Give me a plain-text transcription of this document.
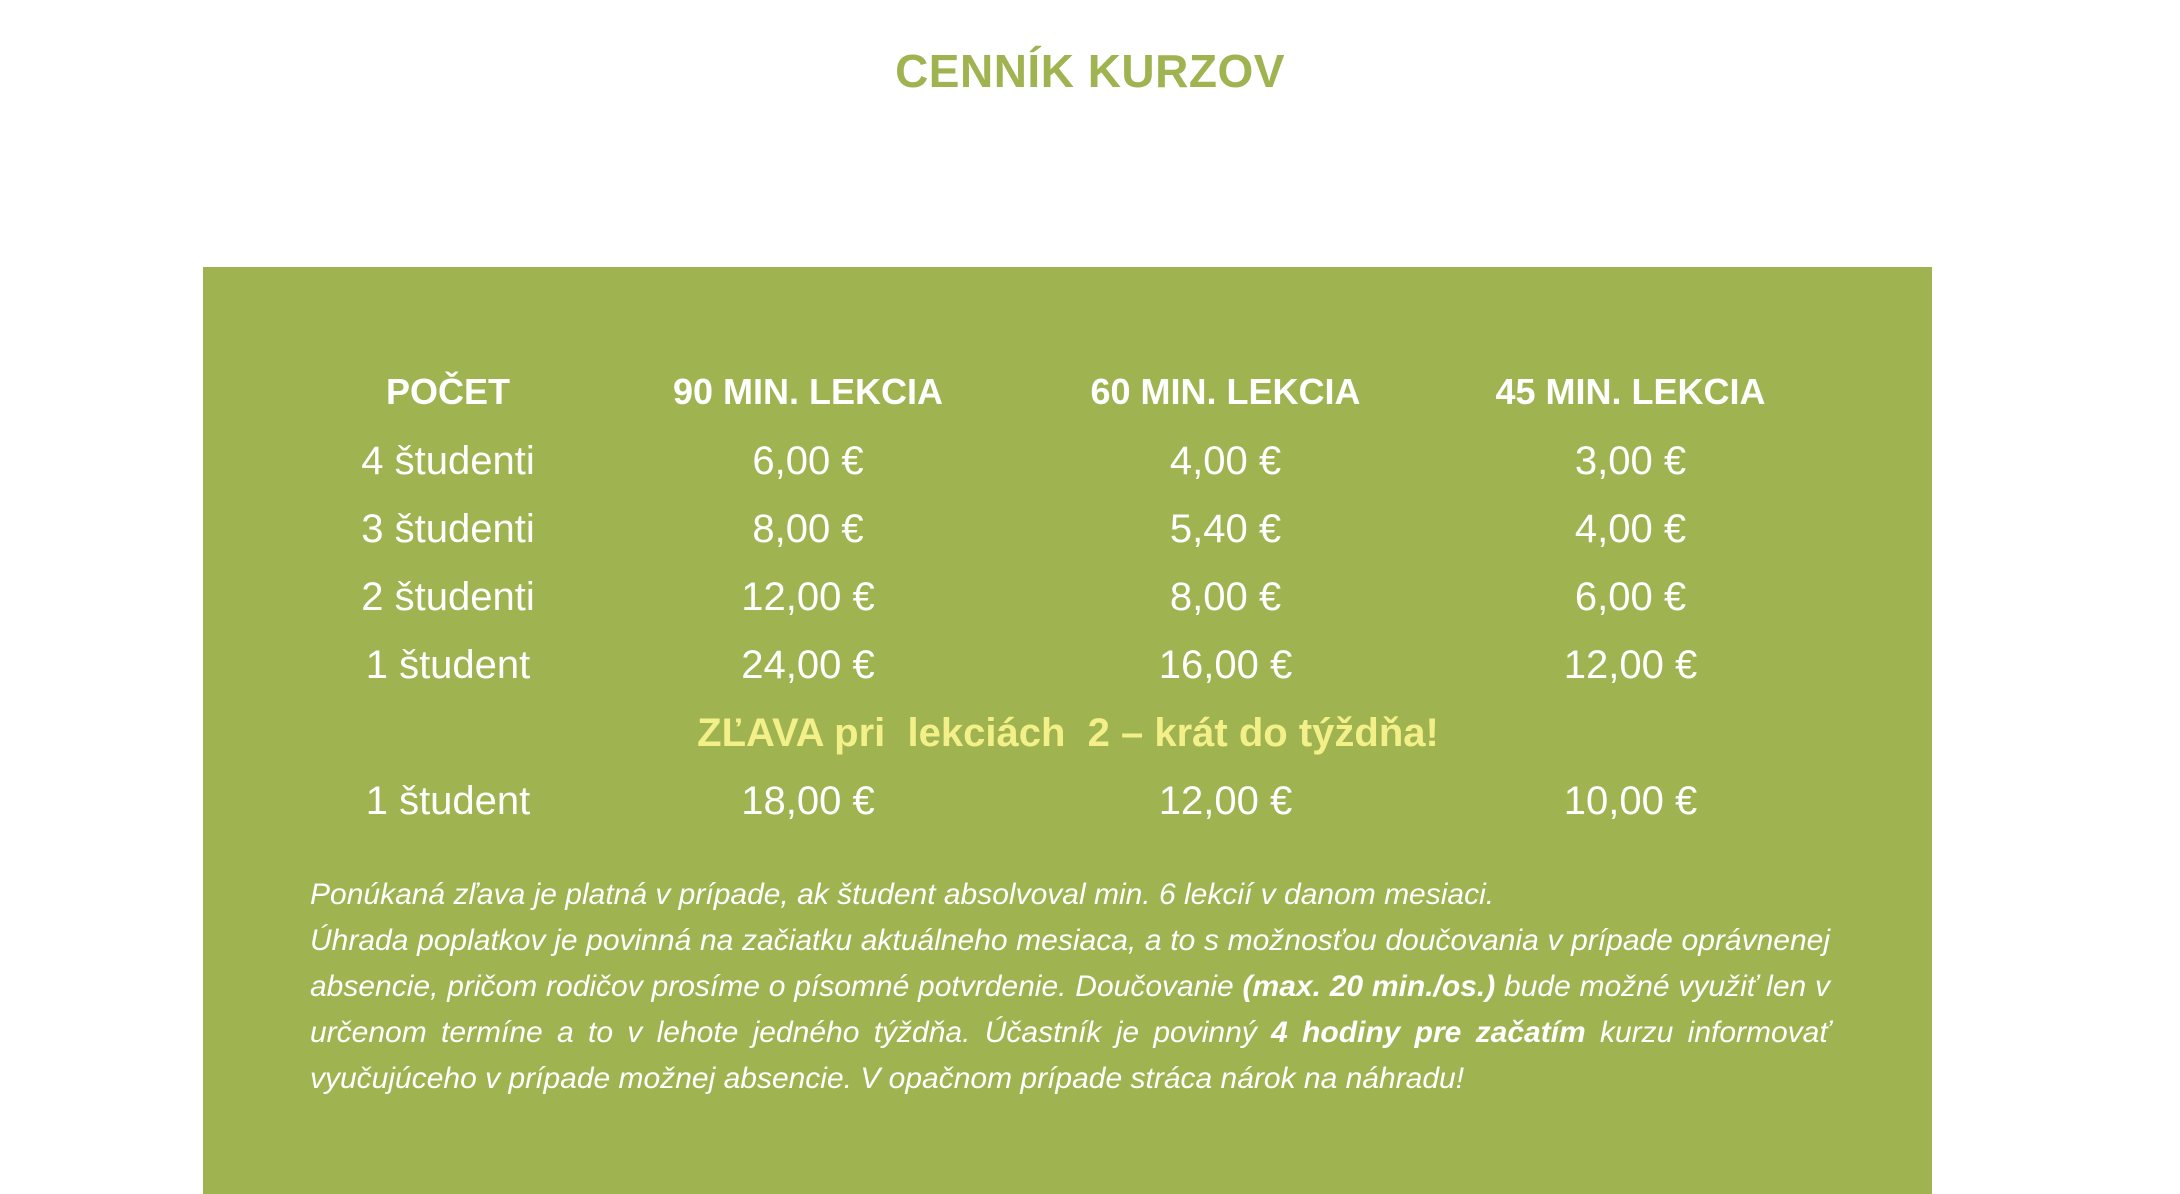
CENNÍK KURZOV
POČET	90 MIN. LEKCIA	60 MIN. LEKCIA	45 MIN. LEKCIA
4 študenti	6,00 €	4,00 €	3,00 €
3 študenti	8,00 €	5,40 €	4,00 €
2 študenti	12,00 €	8,00 €	6,00 €
1 študent	24,00 €	16,00 €	12,00 €
ZĽAVA pri  lekciách  2 – krát do týždňa!			
1 študent	18,00 €	12,00 €	10,00 €

Ponúkaná zľava je platná v prípade, ak študent absolvoval min. 6 lekcií v danom mesiaci.

Úhrada poplatkov je povinná na začiatku aktuálneho mesiaca, a to s možnosťou doučovania v prípade oprávnenej absencie, pričom rodičov prosíme o písomné potvrdenie. Doučovanie (max. 20 min./os.) bude možné využiť len v určenom termíne a to v lehote jedného týždňa. Účastník je povinný 4 hodiny pre začatím kurzu informovať vyučujúceho v prípade možnej absencie. V opačnom prípade stráca nárok na náhradu!
